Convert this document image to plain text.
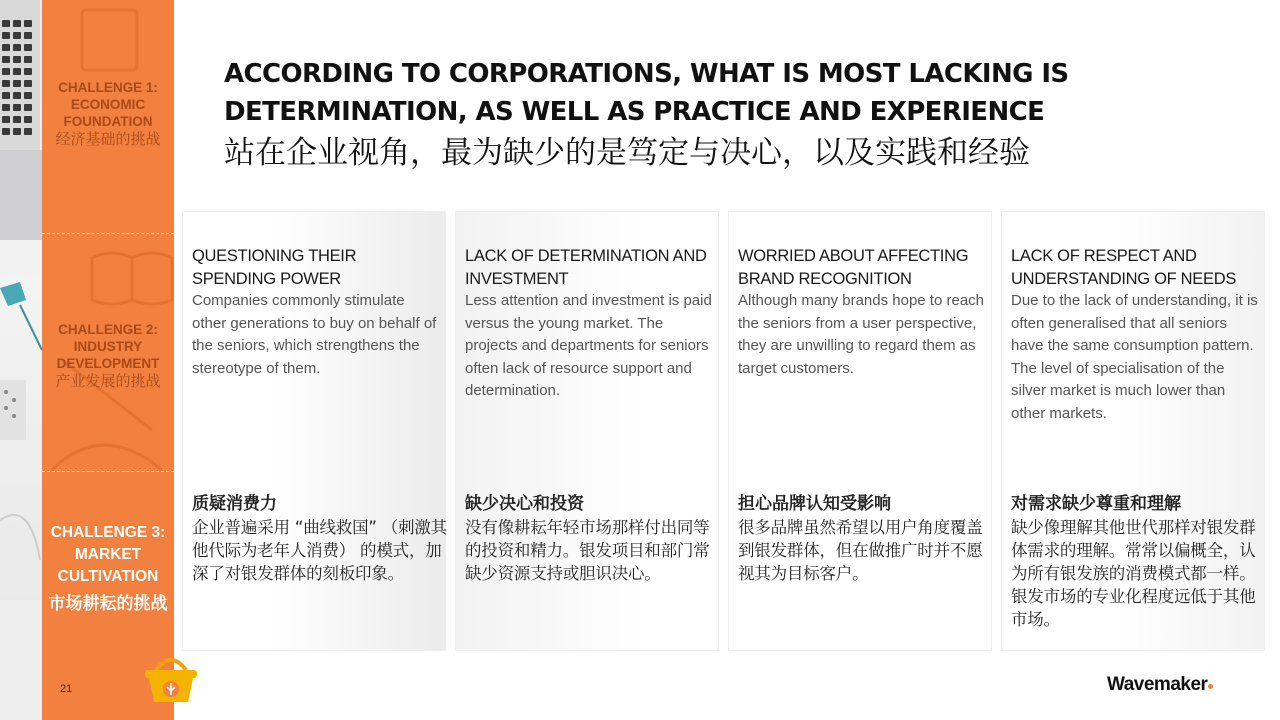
CHALLENGE 1: ECONOMIC FOUNDATION
经济基础的挑战
CHALLENGE 2: INDUSTRY DEVELOPMENT
产业发展的挑战
CHALLENGE 3: MARKET CULTIVATION
市场耕耘的挑战
21

ACCORDING TO CORPORATIONS, WHAT IS MOST LACKING IS

DETERMINATION, AS WELL AS PRACTICE AND EXPERIENCE

站在企业视角，最为缺少的是笃定与决心，以及实践和经验

QUESTIONING THEIR SPENDING POWER
Companies commonly stimulate other generations to buy on behalf of the seniors, which strengthens the stereotype of them.
质疑消费力
企业普遍采用 “曲线救国” （刺激其他代际为老年人消费） 的模式，加深了对银发群体的刻板印象。
LACK OF DETERMINATION AND INVESTMENT
Less attention and investment is paid versus the young market. The projects and departments for seniors often lack of resource support and determination.
缺少决心和投资
没有像耕耘年轻市场那样付出同等的投资和精力。银发项目和部门常缺少资源支持或胆识决心。
WORRIED ABOUT AFFECTING BRAND RECOGNITION
Although many brands hope to reach the seniors from a user perspective, they are unwilling to regard them as target customers.
担心品牌认知受影响
很多品牌虽然希望以用户角度覆盖到银发群体，但在做推广时并不愿视其为目标客户。
LACK OF RESPECT AND UNDERSTANDING OF NEEDS
Due to the lack of understanding, it is often generalised that all seniors have the same consumption pattern. The level of specialisation of the silver market is much lower than other markets.
对需求缺少尊重和理解
缺少像理解其他世代那样对银发群体需求的理解。常常以偏概全，认为所有银发族的消费模式都一样。银发市场的专业化程度远低于其他市场。
Wavemaker
